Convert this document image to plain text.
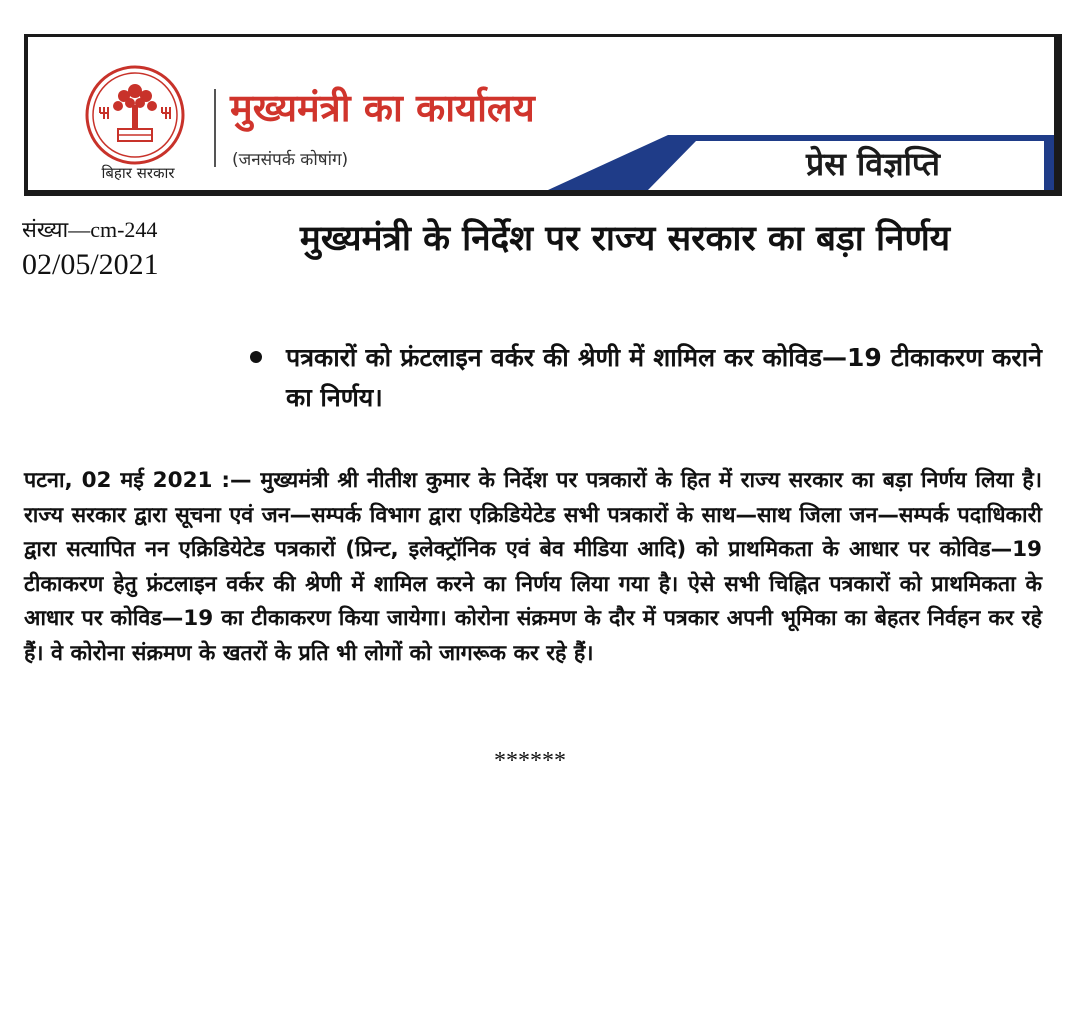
बिहार सरकार
मुख्यमंत्री का कार्यालय
(जनसंपर्क कोषांग)	प्रेस विज्ञप्ति
संख्या—cm-244
02/05/2021
मुख्यमंत्री के निर्देश पर राज्य सरकार का बड़ा निर्णय
पत्रकारों को फ्रंटलाइन वर्कर की श्रेणी में शामिल कर कोविड—19 टीकाकरण कराने का निर्णय।
पटना, 02 मई 2021 :— मुख्यमंत्री श्री नीतीश कुमार के निर्देश पर पत्रकारों के हित में राज्य सरकार का बड़ा निर्णय लिया है। राज्य सरकार द्वारा सूचना एवं जन—सम्पर्क विभाग द्वारा एक्रिडियेटेड सभी पत्रकारों के साथ—साथ जिला जन—सम्पर्क पदाधिकारी द्वारा सत्यापित नन एक्रिडियेटेड पत्रकारों (प्रिन्ट, इलेक्ट्रॉनिक एवं बेव मीडिया आदि) को प्राथमिकता के आधार पर कोविड—19 टीकाकरण हेतु फ्रंटलाइन वर्कर की श्रेणी में शामिल करने का निर्णय लिया गया है। ऐसे सभी चिह्नित पत्रकारों को प्राथमिकता के आधार पर कोविड—19 का टीकाकरण किया जायेगा। कोरोना संक्रमण के दौर में पत्रकार अपनी भूमिका का बेहतर निर्वहन कर रहे हैं। वे कोरोना संक्रमण के खतरों के प्रति भी लोगों को जागरूक कर रहे हैं।
******
